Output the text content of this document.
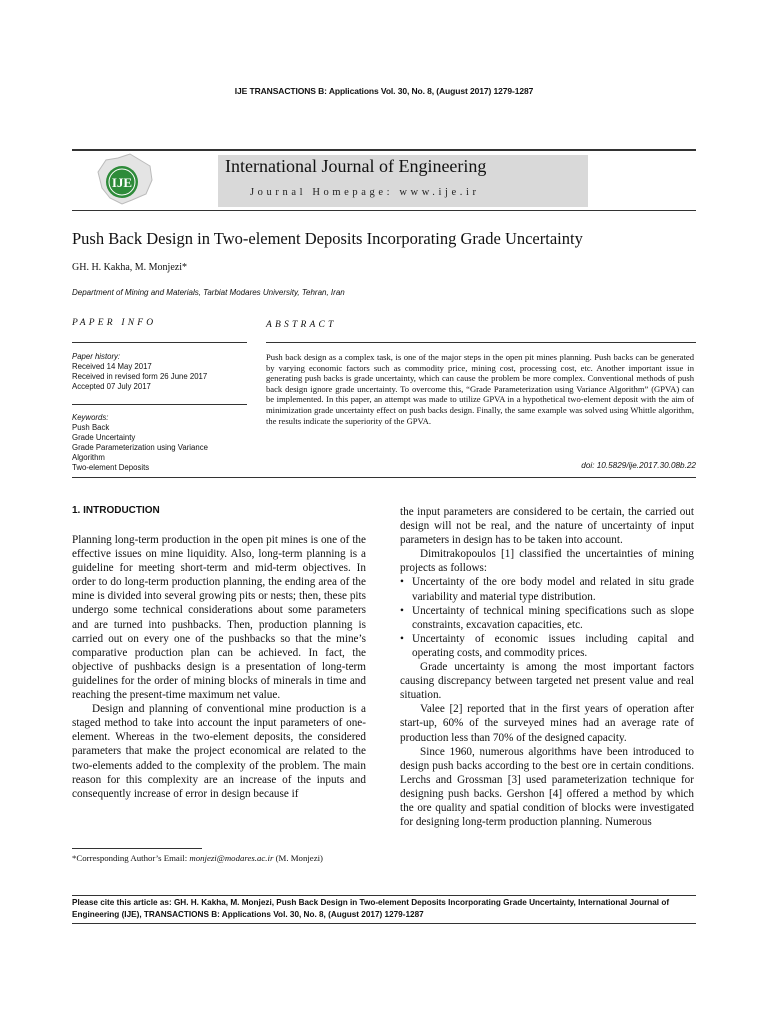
IJE TRANSACTIONS B: Applications Vol. 30, No. 8, (August 2017) 1279-1287
IJE
International Journal of Engineering
Journal Homepage: www.ije.ir
Push Back Design in Two-element Deposits Incorporating Grade Uncertainty
GH. H. Kakha, M. Monjezi*
Department of Mining and Materials, Tarbiat Modares University, Tehran, Iran
PAPER INFO
Paper history:
Received 14 May 2017
Received in revised form 26 June 2017
Accepted 07 July 2017
Keywords:
Push Back
Grade Uncertainty
Grade Parameterization using Variance
Algorithm
Two-element Deposits
ABSTRACT
Push back design as a complex task, is one of the major steps in the open pit mines planning. Push backs can be generated by varying economic factors such as commodity price, mining cost, processing cost, etc. Another important issue in generating push backs is grade uncertainty, which can cause the problem be more complex. Conventional methods of push back design ignore grade uncertainty. To overcome this, “Grade Parameterization using Variance Algorithm” (GPVA) can be implemented. In this paper, an attempt was made to utilize GPVA in a hypothetical two-element deposit with the aim of minimization grade uncertainty effect on push backs design. Finally, the same example was solved using Whittle algorithm, the results indicate the superiority of the GPVA.
doi: 10.5829/ije.2017.30.08b.22
1. INTRODUCTION

Planning long-term production in the open pit mines is one of the effective issues on mine liquidity. Also, long-term planning is a guideline for meeting short-term and mid-term objectives. In order to do long-term production planning, the ending area of the mine is divided into several growing pits or nests; then, these pits undergo some technical considerations about some parameters and are turned into pushbacks. Then, production planning is carried out on every one of the pushbacks so that the mine’s comparative production plan can be achieved. In fact, the objective of pushbacks design is a presentation of long-term guidelines for the order of mining blocks of minerals in time and reaching the present-time maximum net value.

Design and planning of conventional mine production is a staged method to take into account the input parameters of one-element. Whereas in the two-element deposits, the considered parameters that make the project economical are related to the two-elements added to the complexity of the problem. The main reason for this complexity are an increase of the inputs and consequently increase of error in design because if

*Corresponding Author’s Email: monjezi@modares.ac.ir (M. Monjezi)

the input parameters are considered to be certain, the carried out design will not be real, and the nature of uncertainty of input parameters in design has to be taken into account.

Dimitrakopoulos [1] classified the uncertainties of mining projects as follows:

• Uncertainty of the ore body model and related in situ grade variability and material type distribution.
• Uncertainty of technical mining specifications such as slope constraints, excavation capacities, etc.
• Uncertainty of economic issues including capital and operating costs, and commodity prices.

Grade uncertainty is among the most important factors causing discrepancy between targeted net present value and real situation.

Valee [2] reported that in the first years of operation after start-up, 60% of the surveyed mines had an average rate of production less than 70% of the designed capacity.

Since 1960, numerous algorithms have been introduced to design push backs according to the best ore in certain conditions. Lerchs and Grossman [3] used parameterization technique for designing push backs. Gershon [4] offered a method by which the ore quality and spatial condition of blocks were investigated for designing long-term production planning. Numerous

Please cite this article as: GH. H. Kakha, M. Monjezi, Push Back Design in Two-element Deposits Incorporating Grade Uncertainty, International Journal of Engineering (IJE), TRANSACTIONS B: Applications Vol. 30, No. 8, (August 2017) 1279-1287
